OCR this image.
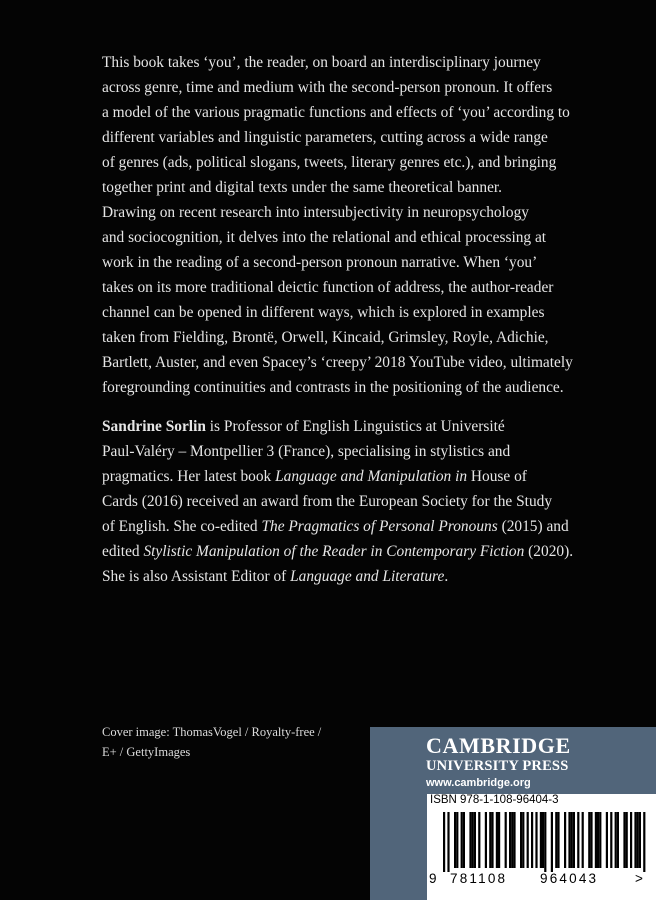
This book takes ‘you’, the reader, on board an interdisciplinary journey
across genre, time and medium with the second-person pronoun. It offers
a model of the various pragmatic functions and effects of ‘you’ according to
different variables and linguistic parameters, cutting across a wide range
of genres (ads, political slogans, tweets, literary genres etc.), and bringing
together print and digital texts under the same theoretical banner.
Drawing on recent research into intersubjectivity in neuropsychology
and sociocognition, it delves into the relational and ethical processing at
work in the reading of a second-person pronoun narrative. When ‘you’
takes on its more traditional deictic function of address, the author-reader
channel can be opened in different ways, which is explored in examples
taken from Fielding, Brontë, Orwell, Kincaid, Grimsley, Royle, Adichie,
Bartlett, Auster, and even Spacey’s ‘creepy’ 2018 YouTube video, ultimately
foregrounding continuities and contrasts in the positioning of the audience.
Sandrine Sorlin is Professor of English Linguistics at Université
Paul-Valéry – Montpellier 3 (France), specialising in stylistics and
pragmatics. Her latest book Language and Manipulation in House of
Cards (2016) received an award from the European Society for the Study
of English. She co-edited The Pragmatics of Personal Pronouns (2015) and
edited Stylistic Manipulation of the Reader in Contemporary Fiction (2020).
She is also Assistant Editor of Language and Literature.
Cover image: ThomasVogel / Royalty-free /
E+ / GettyImages	CAMBRIDGE
UNIVERSITY PRESS
www.cambridge.org
ISBN 978-1-108-96404-3
9 781108 964043	>
